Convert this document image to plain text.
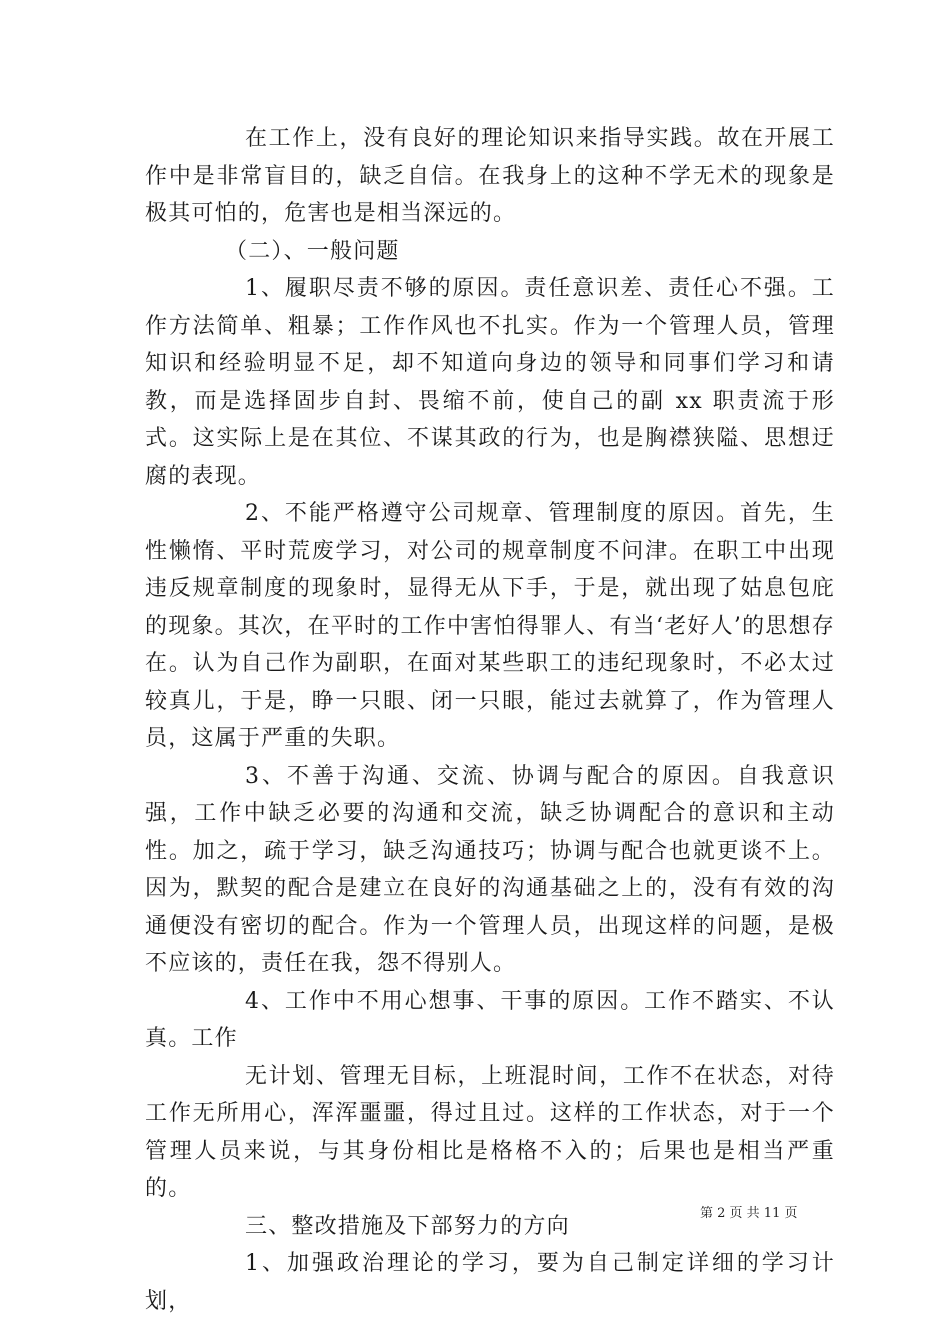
在工作上，没有良好的理论知识来指导实践。故在开展工作中是非常盲目的，缺乏自信。在我身上的这种不学无术的现象是极其可怕的，危害也是相当深远的。

（二）、一般问题

1、履职尽责不够的原因。责任意识差、责任心不强。工作方法简单、粗暴；工作作风也不扎实。作为一个管理人员，管理知识和经验明显不足，却不知道向身边的领导和同事们学习和请教，而是选择固步自封、畏缩不前，使自己的副 xx 职责流于形式。这实际上是在其位、不谋其政的行为，也是胸襟狭隘、思想迂腐的表现。

2、不能严格遵守公司规章、管理制度的原因。首先，生性懒惰、平时荒废学习，对公司的规章制度不问津。在职工中出现违反规章制度的现象时，显得无从下手，于是，就出现了姑息包庇的现象。其次，在平时的工作中害怕得罪人、有当‘老好人’的思想存在。认为自己作为副职，在面对某些职工的违纪现象时，不必太过较真儿，于是，睁一只眼、闭一只眼，能过去就算了，作为管理人员，这属于严重的失职。

3、不善于沟通、交流、协调与配合的原因。自我意识强，工作中缺乏必要的沟通和交流，缺乏协调配合的意识和主动性。加之，疏于学习，缺乏沟通技巧；协调与配合也就更谈不上。因为，默契的配合是建立在良好的沟通基础之上的，没有有效的沟通便没有密切的配合。作为一个管理人员，出现这样的问题，是极不应该的，责任在我，怨不得别人。

4、工作中不用心想事、干事的原因。工作不踏实、不认真。工作

无计划、管理无目标，上班混时间，工作不在状态，对待工作无所用心，浑浑噩噩，得过且过。这样的工作状态，对于一个管理人员来说，与其身份相比是格格不入的；后果也是相当严重的。

三、整改措施及下部努力的方向

1、加强政治理论的学习，要为自己制定详细的学习计划，

第 2 页 共 11 页
